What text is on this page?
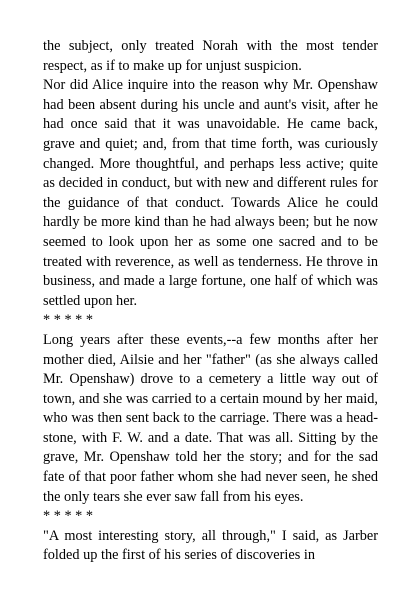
the subject, only treated Norah with the most tender respect, as if to make up for unjust suspicion.

Nor did Alice inquire into the reason why Mr. Openshaw had been absent during his uncle and aunt's visit, after he had once said that it was unavoidable. He came back, grave and quiet; and, from that time forth, was curiously changed. More thoughtful, and perhaps less active; quite as decided in conduct, but with new and different rules for the guidance of that conduct. Towards Alice he could hardly be more kind than he had always been; but he now seemed to look upon her as some one sacred and to be treated with reverence, as well as tenderness. He throve in business, and made a large fortune, one half of which was settled upon her.

* * * * *

Long years after these events,--a few months after her mother died, Ailsie and her "father" (as she always called Mr. Openshaw) drove to a cemetery a little way out of town, and she was carried to a certain mound by her maid, who was then sent back to the carriage. There was a head- stone, with F. W. and a date. That was all. Sitting by the grave, Mr. Openshaw told her the story; and for the sad fate of that poor father whom she had never seen, he shed the only tears she ever saw fall from his eyes.

* * * * *

"A most interesting story, all through," I said, as Jarber folded up the first of his series of discoveries in
